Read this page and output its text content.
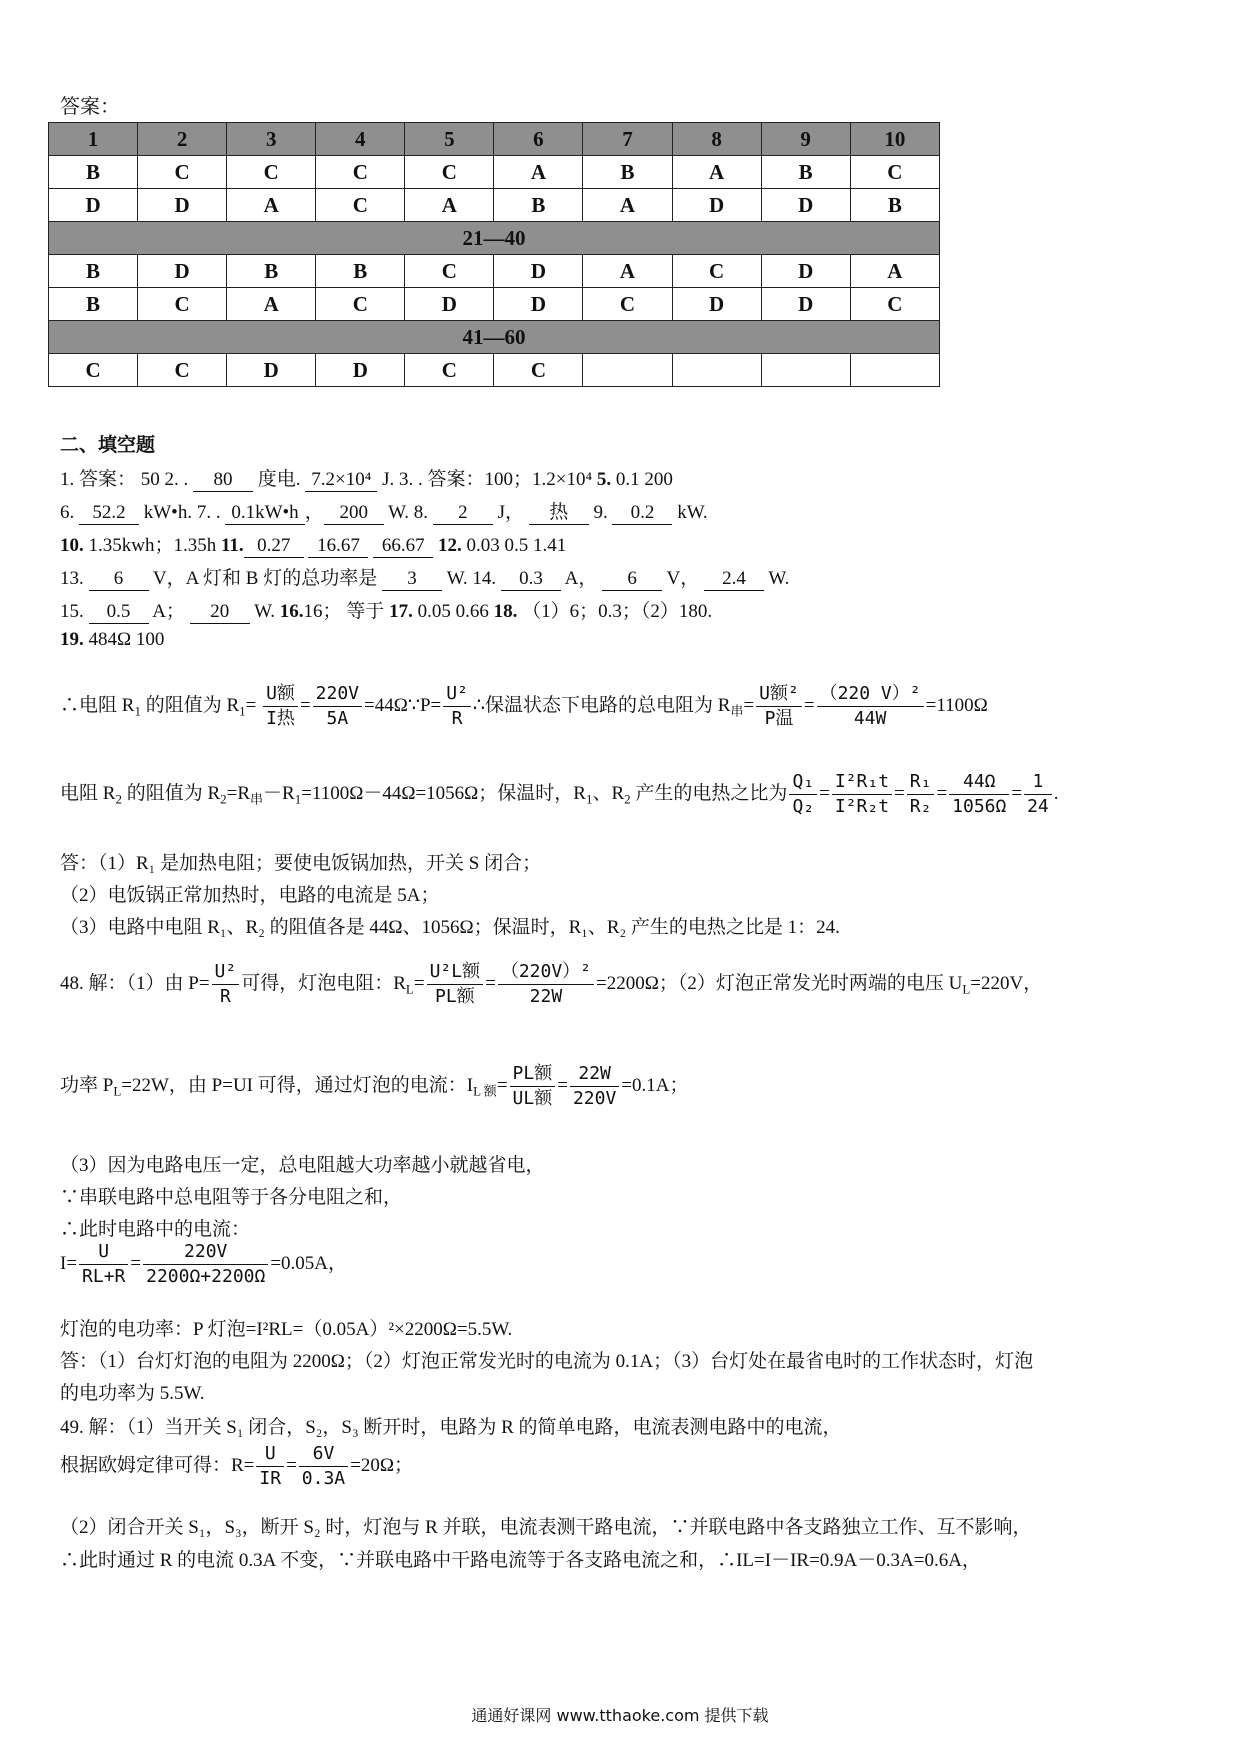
答案：
1	2	3	4	5	6	7	8	9	10
B	C	C	C	C	A	B	A	B	C
D	D	A	C	A	B	A	D	D	B
21—40									
B	D	B	B	C	D	A	C	D	A
B	C	A	C	D	D	C	D	D	C
41—60									
C	C	D	D	C	C				
二、填空题
1. 答案： 50 2. . 80 度电. 7.2×10⁴ J. 3. . 答案：100；1.2×10⁴ 5. 0.1 200
6. 52.2 kW•h. 7. . 0.1kW•h ， 200 W. 8. 2 J， 热 9. 0.2 kW.
10. 1.35kwh；1.35h 11. 0.27 16.67 66.67 12. 0.03 0.5 1.41
13. 6 V，A 灯和 B 灯的总功率是 3 W. 14. 0.3 A， 6 V， 2.4 W.
15. 0.5 A； 20 W. 16.16； 等于 17. 0.05 0.66 18. （1）6；0.3；（2）180.
19. 484Ω 100
∴电阻 $R_1$ 的阻值为 $R_1= \frac{\text{U额}}{\text{I热}} = \frac{220V}{5A}$ =44Ω∵P= $\frac{\text{U²}}{R}$ ∴保温状态下电路的总电阻为 $R_串= \frac{\text{U额²}}{\text{P温}} = \frac{\text{（220 V）²}}{44W} =1100\Omega$
电阻 $R_2$ 的阻值为 $R_2=R_串-R_1=1100\Omega-44\Omega=1056\Omega$；保温时，$R_1$、$R_2$ 产生的电热之比为 $\frac{\text{Q₁}}{\text{Q₂}} = \frac{\text{I²R₁t}}{\text{I²R₂t}} = \frac{\text{R₁}}{\text{R₂}} = \frac{44\Omega}{1056\Omega} = \frac{1}{24}$ .
答：（1）R₁ 是加热电阻；要使电饭锅加热，开关 S 闭合；
（2）电饭锅正常加热时，电路的电流是 5A；
（3）电路中电阻 R₁、R₂ 的阻值各是 44Ω、1056Ω；保温时，R₁、R₂ 产生的电热之比是 1：24.
48. 解：（1）由 $P= \frac{\text{U²}}{R}$ 可得，灯泡电阻：$R_L= \frac{\text{U²L额}}{\text{PL额}} = \frac{\text{（220V）²}}{22W} =2200\Omega$；（2）灯泡正常发光时两端的电压 $U_L=220V$，
功率 $P_L=22W$，由 P=UI 可得，通过灯泡的电流：$I_{L 额}= \frac{\text{PL额}}{\text{UL额}} = \frac{22W}{220V} =0.1A$；
（3）因为电路电压一定，总电阻越大功率越小就越省电，
∵串联电路中总电阻等于各分电阻之和，
∴此时电路中的电流：
$I= \frac{U}{RL+R} = \frac{220V}{2200\Omega+2200\Omega} =0.05A$，
灯泡的电功率：P 灯泡=I²RL=（0.05A）²×2200Ω=5.5W.
答：（1）台灯灯泡的电阻为 2200Ω；（2）灯泡正常发光时的电流为 0.1A；（3）台灯处在最省电时的工作状态时，灯泡
的电功率为 5.5W.
49. 解：（1）当开关 S₁ 闭合，S₂，S₃ 断开时，电路为 R 的简单电路，电流表测电路中的电流，
根据欧姆定律可得：$R= \frac{U}{IR} = \frac{6V}{0.3A} =20\Omega$；
（2）闭合开关 S₁，S₃，断开 S₂ 时，灯泡与 R 并联，电流表测干路电流，∵并联电路中各支路独立工作、互不影响，
∴此时通过 R 的电流 0.3A 不变，∵并联电路中干路电流等于各支路电流之和，∴IL=I－IR=0.9A－0.3A=0.6A，
通通好课网 www.tthaoke.com 提供下载
